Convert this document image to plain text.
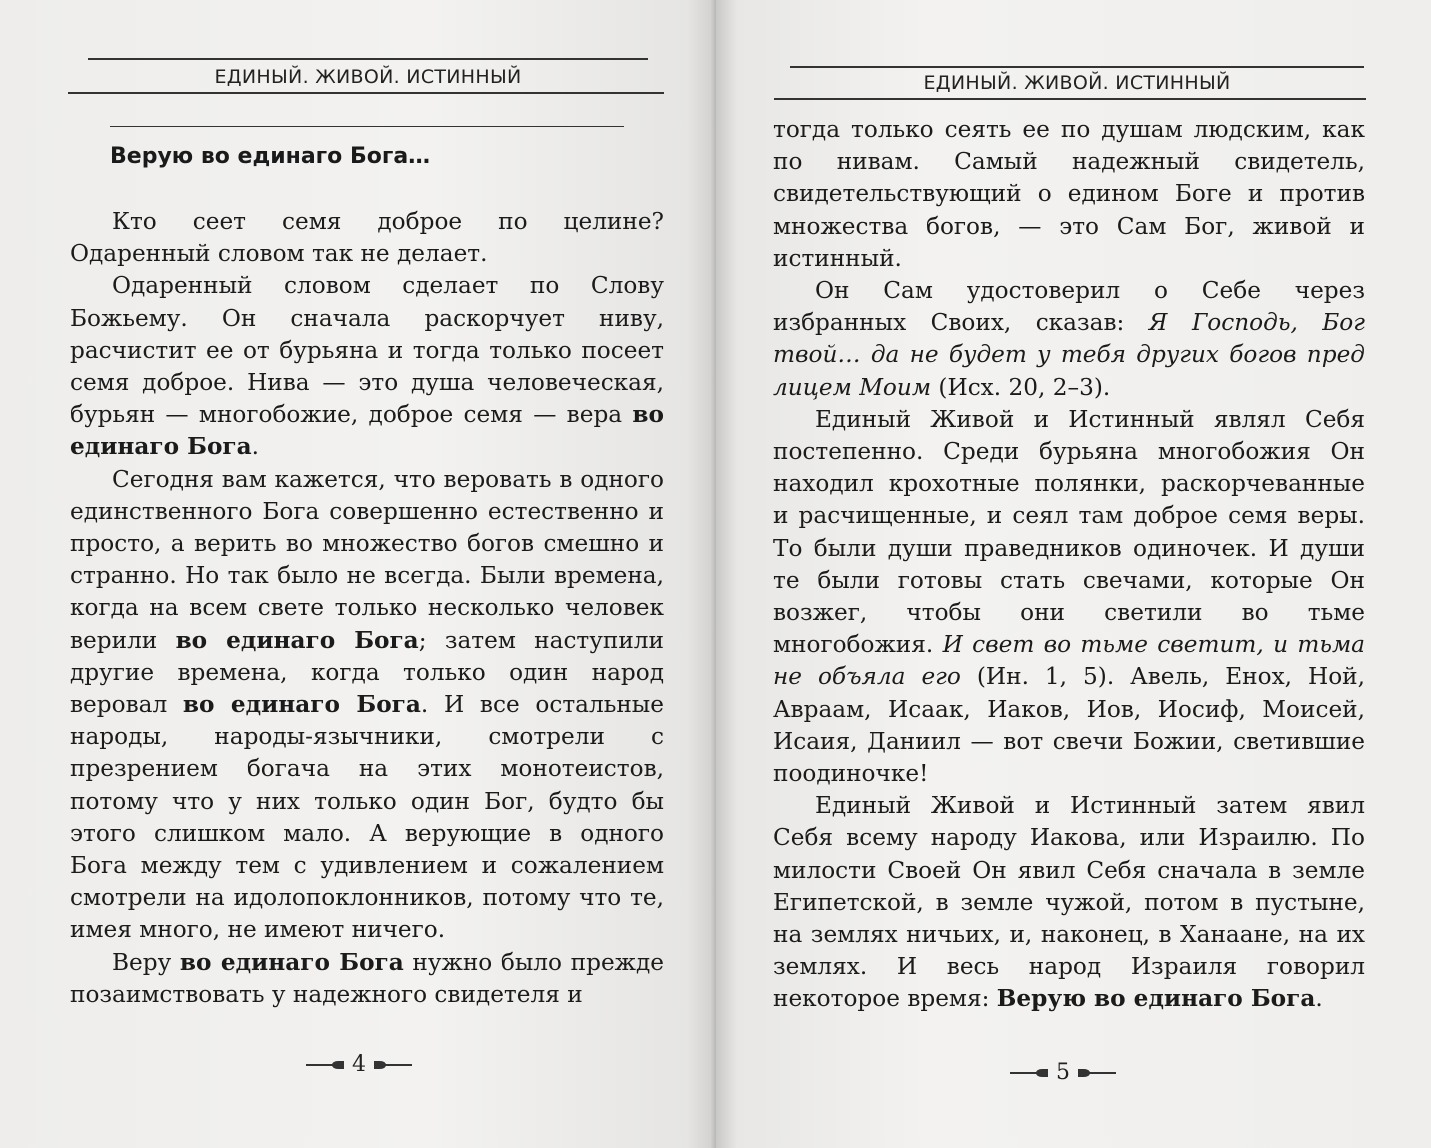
ЕДИНЫЙ. ЖИВОЙ. ИСТИННЫЙ
Верую во единаго Бога…

Кто сеет семя доброе по целине? Одаренный словом так не делает.

Одаренный словом сделает по Слову Божьему. Он сначала раскорчует ниву, расчистит ее от бурьяна и тогда только посеет семя доброе. Нива — это душа человеческая, бурьян — многобожие, доброе семя — вера во единаго Бога.

Сегодня вам кажется, что веровать в одного единственного Бога совершенно естественно и просто, а верить во множество богов смешно и странно. Но так было не всегда. Были времена, когда на всем свете только несколько человек верили во единаго Бога; затем наступили другие времена, когда только один народ веровал во единаго Бога. И все остальные народы, народы-язычники, смотрели с презрением богача на этих монотеистов, потому что у них только один Бог, будто бы этого слишком мало. А верующие в одного Бога между тем с удивлением и сожалением смотрели на идолопоклонников, потому что те, имея много, не имеют ничего.

Веру во единаго Бога нужно было прежде позаимствовать у надежного свидетеля и

4
ЕДИНЫЙ. ЖИВОЙ. ИСТИННЫЙ

тогда только сеять ее по душам людским, как по нивам. Самый надежный свидетель, свидетельствующий о едином Боге и против множества богов, — это Сам Бог, живой и истинный.

Он Сам удостоверил о Себе через избранных Своих, сказав: Я Господь, Бог твой… да не будет у тебя других богов пред лицем Моим (Исх. 20, 2–3).

Единый Живой и Истинный являл Себя постепенно. Среди бурьяна многобожия Он находил крохотные полянки, раскорчеванные и расчищенные, и сеял там доброе семя веры. То были души праведников одиночек. И души те были готовы стать свечами, которые Он возжег, чтобы они светили во тьме многобожия. И свет во тьме светит, и тьма не объяла его (Ин. 1, 5). Авель, Енох, Ной, Авраам, Исаак, Иаков, Иов, Иосиф, Моисей, Исаия, Даниил — вот свечи Божии, светившие поодиночке!

Единый Живой и Истинный затем явил Себя всему народу Иакова, или Израилю. По милости Своей Он явил Себя сначала в земле Египетской, в земле чужой, потом в пустыне, на землях ничьих, и, наконец, в Ханаане, на их землях. И весь народ Израиля говорил некоторое время: Верую во единаго Бога.

5
